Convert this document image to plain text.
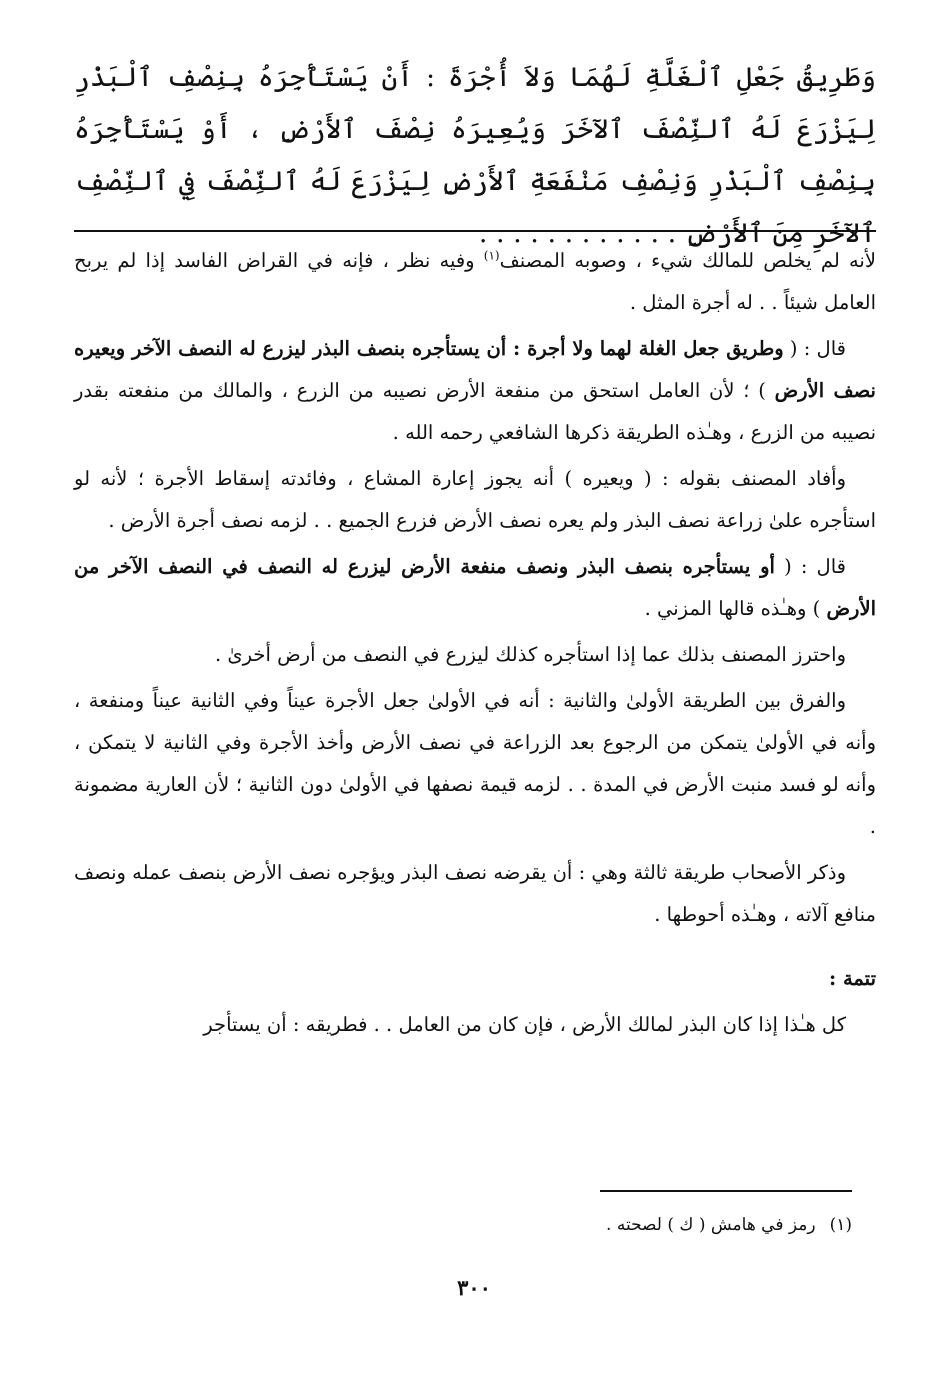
وَطَرِيقُ جَعْلِ ٱلْغَلَّةِ لَهُمَا وَلاَ أُجْرَةَ : أَنْ يَسْتَأْجِرَهُ بِنِصْفِ ٱلْبَذْرِ لِيَزْرَعَ لَهُ ٱلنِّصْفَ ٱلآخَرَ وَيُعِيرَهُ نِصْفَ ٱلأَرْضِ ، أَوْ يَسْتَأْجِرَهُ بِنِصْفِ ٱلْبَذْرِ وَنِصْفِ مَنْفَعَةِ ٱلأَرْضِ لِيَزْرَعَ لَهُ ٱلنِّصْفَ فِي ٱلنِّصْفِ ٱلآخَرِ مِنَ ٱلأَرْضِ . . . . . . . . . . . .

لأنه لم يخلص للمالك شيء ، وصوبه المصنف$^{(١)}$ وفيه نظر ، فإنه في القراض الفاسد إذا لم يربح العامل شيئاً . . له أجرة المثل .

قال : ( وطريق جعل الغلة لهما ولا أجرة : أن يستأجره بنصف البذر ليزرع له النصف الآخر ويعيره نصف الأرض ) ؛ لأن العامل استحق من منفعة الأرض نصيبه من الزرع ، والمالك من منفعته بقدر نصيبه من الزرع ، وهـٰذه الطريقة ذكرها الشافعي رحمه الله .

وأفاد المصنف بقوله : ( ويعيره ) أنه يجوز إعارة المشاع ، وفائدته إسقاط الأجرة ؛ لأنه لو استأجره علىٰ زراعة نصف البذر ولم يعره نصف الأرض فزرع الجميع . . لزمه نصف أجرة الأرض .

قال : ( أو يستأجره بنصف البذر ونصف منفعة الأرض ليزرع له النصف في النصف الآخر من الأرض ) وهـٰذه قالها المزني .

واحترز المصنف بذلك عما إذا استأجره كذلك ليزرع في النصف من أرض أخرىٰ .

والفرق بين الطريقة الأولىٰ والثانية : أنه في الأولىٰ جعل الأجرة عيناً وفي الثانية عيناً ومنفعة ، وأنه في الأولىٰ يتمكن من الرجوع بعد الزراعة في نصف الأرض وأخذ الأجرة وفي الثانية لا يتمكن ، وأنه لو فسد منبت الأرض في المدة . . لزمه قيمة نصفها في الأولىٰ دون الثانية ؛ لأن العارية مضمونة .

وذكر الأصحاب طريقة ثالثة وهي : أن يقرضه نصف البذر ويؤجره نصف الأرض بنصف عمله ونصف منافع آلاته ، وهـٰذه أحوطها .

تتمة :

كل هـٰذا إذا كان البذر لمالك الأرض ، فإن كان من العامل . . فطريقه : أن يستأجر

(١)رمز في هامش ( ك ) لصحته .

٣٠٠
